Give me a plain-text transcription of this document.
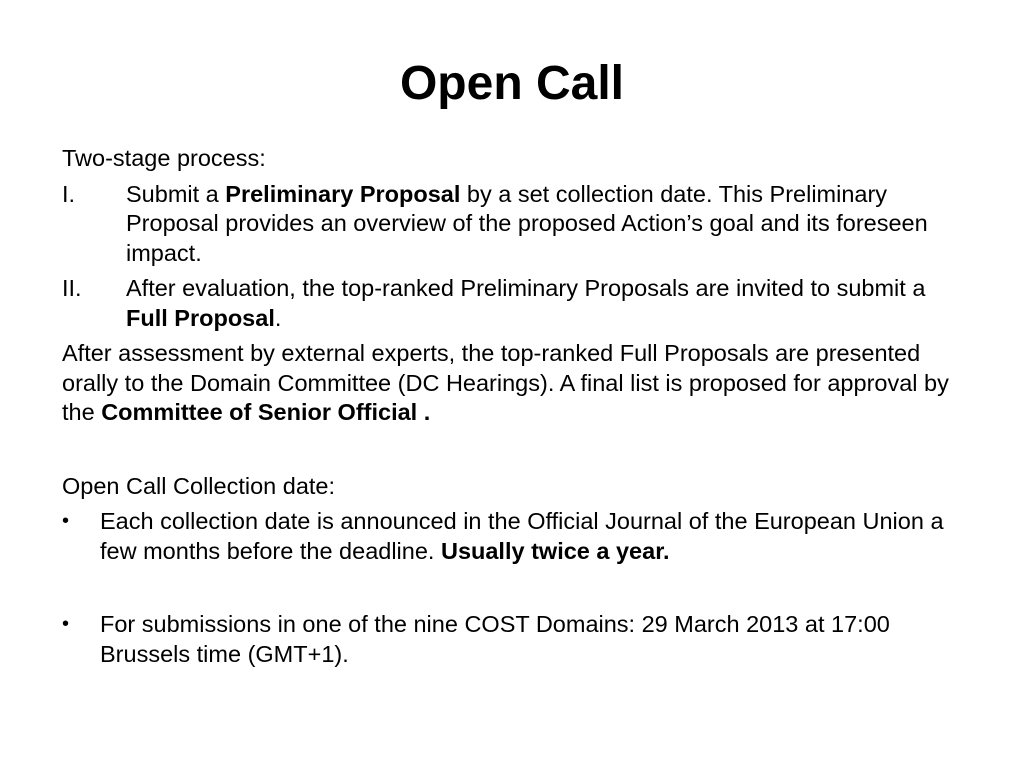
Open Call

Two-stage process:

I. Submit a Preliminary Proposal by a set collection date. This Preliminary Proposal provides an overview of the proposed Action’s goal and its foreseen impact.
II. After evaluation, the top-ranked Preliminary Proposals are invited to submit a Full Proposal.

After assessment by external experts, the top-ranked Full Proposals are presented orally to the Domain Committee (DC Hearings). A final list is proposed for approval by the Committee of Senior Official .

Open Call Collection date:

• Each collection date is announced in the Official Journal of the European Union a few months before the deadline. Usually twice a year.
• For submissions in one of the nine COST Domains: 29 March 2013 at 17:00 Brussels time (GMT+1).
